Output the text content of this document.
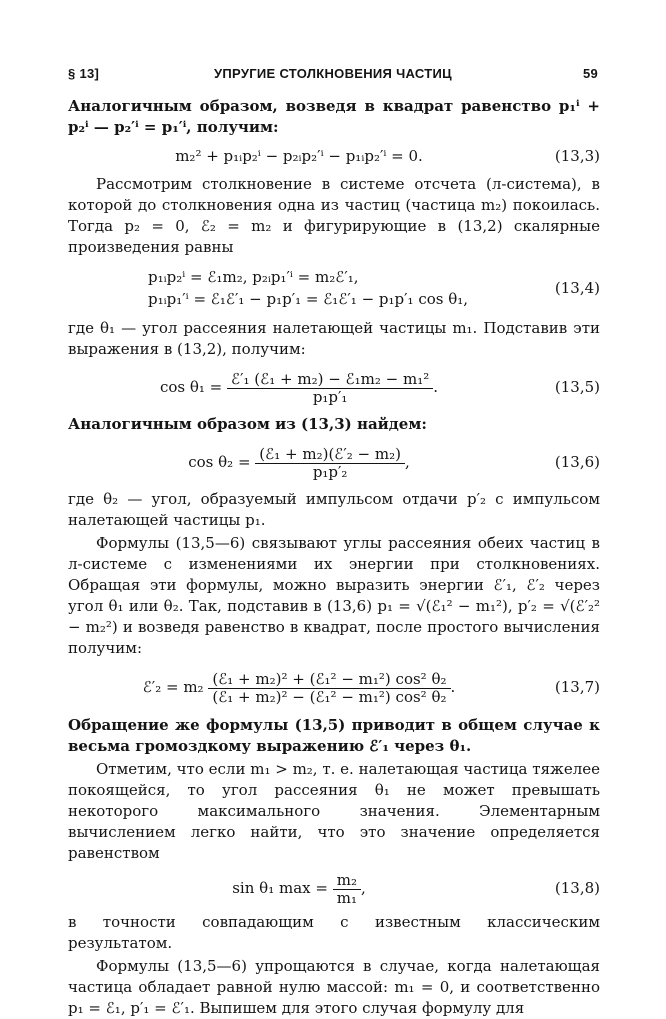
§ 13]	УПРУГИЕ СТОЛКНОВЕНИЯ ЧАСТИЦ	59

Аналогичным образом, возведя в квадрат равенство p₁ⁱ + p₂ⁱ — p₂′ⁱ = p₁′ⁱ, получим:

m₂² + p₁ᵢp₂ⁱ − p₂ᵢp₂′ⁱ − p₁ᵢp₂′ⁱ = 0.	(13,3)

Рассмотрим столкновение в системе отсчета (л-система), в которой до столкновения одна из частиц (частица m₂) покоилась. Тогда p₂ = 0, ℰ₂ = m₂ и фигурирующие в (13,2) скалярные произведения равны

p₁ᵢp₂ⁱ = ℰ₁m₂, p₂ᵢp₁′ⁱ = m₂ℰ′₁,
p₁ᵢp₁′ⁱ = ℰ₁ℰ′₁ − p₁p′₁ = ℰ₁ℰ′₁ − p₁p′₁ cos θ₁,
(13,4)

где θ₁ — угол рассеяния налетающей частицы m₁. Подставив эти выражения в (13,2), получим:

cos θ₁ = ℰ′₁ (ℰ₁ + m₂) − ℰ₁m₂ − m₁²
p₁p′₁
.	(13,5)

Аналогичным образом из (13,3) найдем:

cos θ₂ = (ℰ₁ + m₂)(ℰ′₂ − m₂)
p₁p′₂
,	(13,6)

где θ₂ — угол, образуемый импульсом отдачи p′₂ с импульсом налетающей частицы p₁.

Формулы (13,5—6) связывают углы рассеяния обеих частиц в л-системе с изменениями их энергии при столкновениях. Обращая эти формулы, можно выразить энергии ℰ′₁, ℰ′₂ через угол θ₁ или θ₂. Так, подставив в (13,6) p₁ = √(ℰ₁² − m₁²), p′₂ = √(ℰ′₂² − m₂²) и возведя равенство в квадрат, после простого вычисления получим:

ℰ′₂ = m₂ (ℰ₁ + m₂)² + (ℰ₁² − m₁²) cos² θ₂
(ℰ₁ + m₂)² − (ℰ₁² − m₁²) cos² θ₂
.	(13,7)

Обращение же формулы (13,5) приводит в общем случае к весьма громоздкому выражению ℰ′₁ через θ₁.

Отметим, что если m₁ > m₂, т. е. налетающая частица тяжелее покоящейся, то угол рассеяния θ₁ не может превышать некоторого максимального значения. Элементарным вычислением легко найти, что это значение определяется равенством

sin θ₁ $\max = \frac{\text{m₂}}{\text{m₁}}$ ,	(13,8)

в точности совпадающим с известным классическим результатом.

Формулы (13,5—6) упрощаются в случае, когда налетающая частица обладает равной нулю массой: m₁ = 0, и соответственно p₁ = ℰ₁, p′₁ = ℰ′₁. Выпишем для этого случая формулу для
